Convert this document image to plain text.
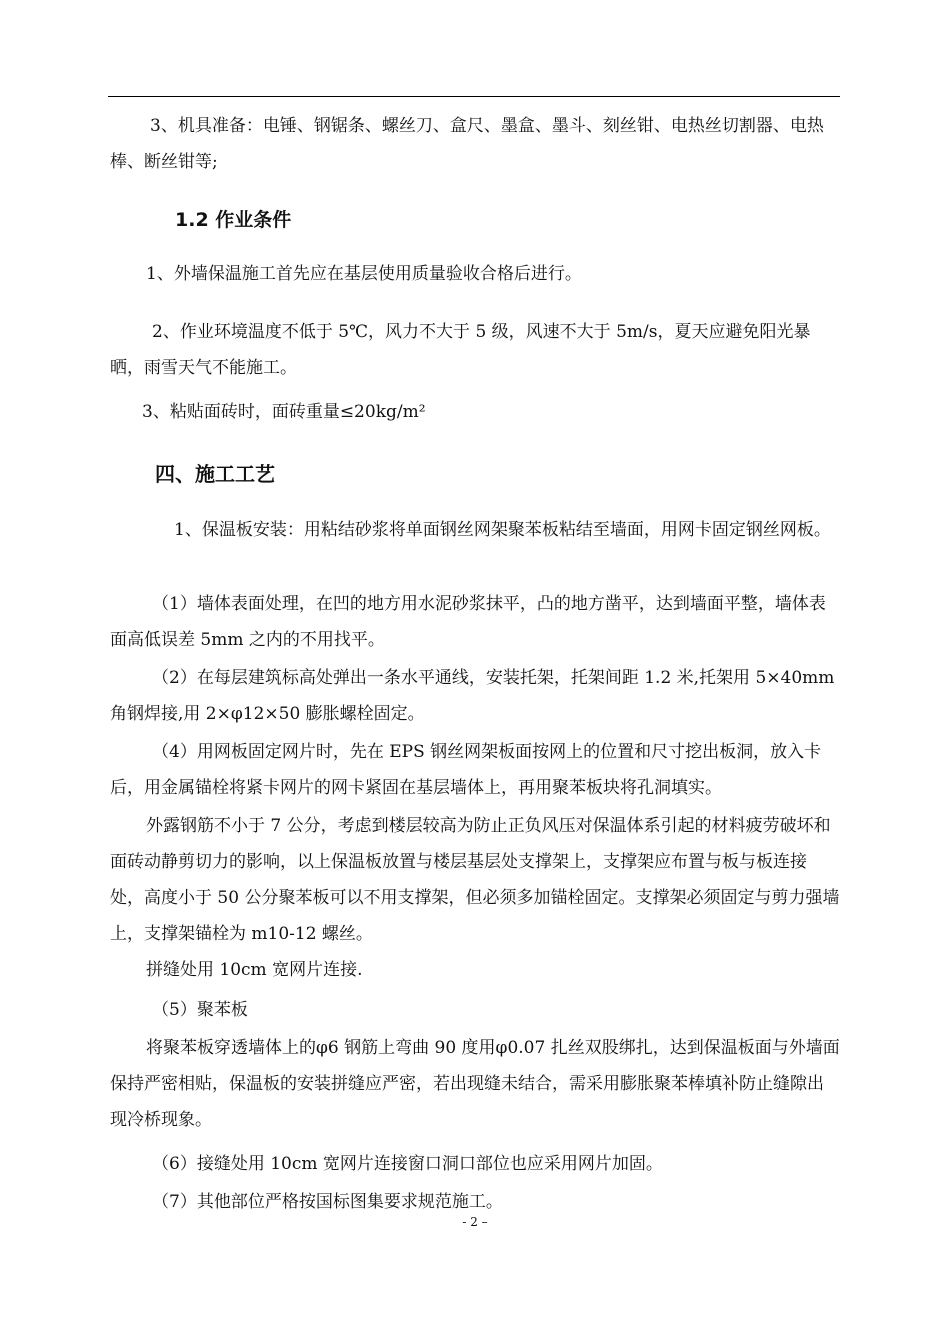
3、机具准备：电锤、钢锯条、螺丝刀、盒尺、墨盒、墨斗、刻丝钳、电热丝切割器、电热棒、断丝钳等;

1.2 作业条件

1、外墙保温施工首先应在基层使用质量验收合格后进行。

2、作业环境温度不低于 5℃，风力不大于 5 级，风速不大于 5m/s，夏天应避免阳光暴晒，雨雪天气不能施工。

3、粘贴面砖时，面砖重量≤20kg/m²

四、施工工艺

1、保温板安装：用粘结砂浆将单面钢丝网架聚苯板粘结至墙面，用网卡固定钢丝网板。

（1）墙体表面处理，在凹的地方用水泥砂浆抹平，凸的地方凿平，达到墙面平整，墙体表面高低误差 5mm 之内的不用找平。

（2）在每层建筑标高处弹出一条水平通线，安装托架，托架间距 1.2 米,托架用 5×40mm 角钢焊接,用 2×φ12×50 膨胀螺栓固定。

（4）用网板固定网片时，先在 EPS 钢丝网架板面按网上的位置和尺寸挖出板洞，放入卡后，用金属锚栓将紧卡网片的网卡紧固在基层墙体上，再用聚苯板块将孔洞填实。

外露钢筋不小于 7 公分，考虑到楼层较高为防止正负风压对保温体系引起的材料疲劳破坏和面砖动静剪切力的影响，以上保温板放置与楼层基层处支撑架上，支撑架应布置与板与板连接处，高度小于 50 公分聚苯板可以不用支撑架，但必须多加锚栓固定。支撑架必须固定与剪力强墙上，支撑架锚栓为 m10-12 螺丝。

拼缝处用 10cm 宽网片连接.

（5）聚苯板

将聚苯板穿透墙体上的φ6 钢筋上弯曲 90 度用φ0.07 扎丝双股绑扎，达到保温板面与外墙面保持严密相贴，保温板的安装拼缝应严密，若出现缝未结合，需采用膨胀聚苯棒填补防止缝隙出现冷桥现象。

（6）接缝处用 10cm 宽网片连接窗口洞口部位也应采用网片加固。

（7）其他部位严格按国标图集要求规范施工。

- 2 –
